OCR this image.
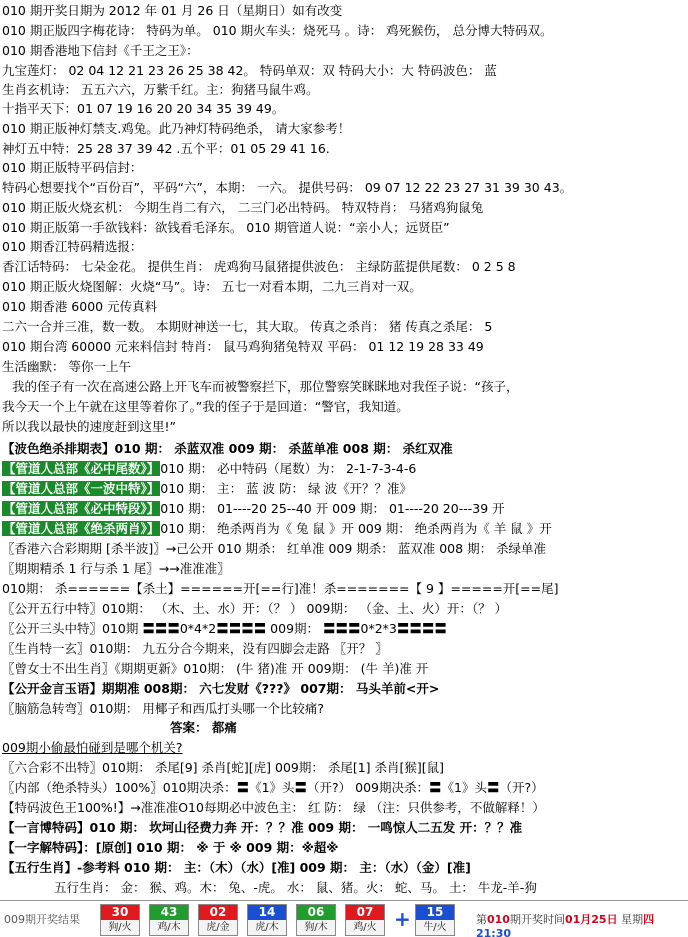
010 期开奖日期为 2012 年 01 月 26 日（星期日）如有改变
010 期正版四字梅花诗： 特码为单。 010 期火车头：烧死马 。诗： 鸡死猴伤， 总分博大特码双。
010 期香港地下信封《千王之王》：
九宝莲灯： 02 04 12 21 23 26 25 38 42。 特码单双：双 特码大小：大 特码波色： 蓝
生肖玄机诗： 五五六六，万紫千红。主：狗猪马鼠牛鸡。
十指平天下：01 07 19 16 20 20 34 35 39 49。
010 期正版神灯禁支.鸡兔。此乃神灯特码绝杀， 请大家参考！
神灯五中特：25 28 37 39 42 .五个平：01 05 29 41 16.
010 期正版特平码信封：
特码心想要找个“百份百”，平码“六”，本期： 一六。 提供号码： 09 07 12 22 23 27 31 39 30 43。
010 期正版火烧玄机： 今期生肖二有六， 二三门必出特码。 特双特肖： 马猪鸡狗鼠兔
010 期正版第一手欲钱料：欲钱看毛泽东。 010 期管道人说：“亲小人；远贤臣”
010 期香江特码精选报：
香江话特码： 七朵金花。 提供生肖： 虎鸡狗马鼠猪提供波色： 主绿防蓝提供尾数： 0 2 5 8
010 期正版火烧图解：火烧“马”。诗： 五七一对看本期，二九三肖对一双。
010 期香港 6000 元传真料
二六一合并三准，数一数。 本期财神送一七，其大取。 传真之杀肖： 猪 传真之杀尾： 5
010 期台湾 60000 元来料信封 特肖： 鼠马鸡狗猪兔特双 平码： 01 12 19 28 33 49
生活幽默： 等你一上午
我的侄子有一次在高速公路上开飞车而被警察拦下，那位警察笑眯眯地对我侄子说：“孩子，
我今天一个上午就在这里等着你了。”我的侄子于是回道：“警官，我知道。
所以我以最快的速度赶到这里!”
【波色绝杀排期表】010 期： 杀蓝双准 009 期： 杀蓝单准 008 期： 杀红双准
【管道人总部《必中尾数》】010 期： 必中特码（尾数）为： 2-1-7-3-4-6
【管道人总部《一波中特》】010 期： 主： 蓝 波 防： 绿 波《开？？准》
【管道人总部《必中特段》】010 期： 01----20 25--40 开 009 期： 01----20 20---39 开
【管道人总部《绝杀两肖》】010 期： 绝杀两肖为《 兔 鼠 》开 009 期： 绝杀两肖为《 羊 鼠 》开
〖香港六合彩期期 [杀半波]〗→己公开 010 期杀： 红单准 009 期杀： 蓝双准 008 期： 杀绿单准
〖期期精杀 1 行与杀 1 尾〗→→准准准〗
010期： 杀======【杀土】======开[==行]准！杀=======【 9 】=====开[==尾]
〖公开五行中特〗010期： （木、土、水）开：（？ ） 009期： （金、土、火）开：（？ ）
〖公开三头中特〗010期 〓〓〓0*4*2〓〓〓〓 009期： 〓〓〓0*2*3〓〓〓〓
〖生肖特一玄〗010期： 九五分合今期来，没有四脚会走路 〖开？ 〗
〖曾女士不出生肖〗《期期更新》010期： (牛 猪)准 开 009期： (牛 羊)准 开
【公开金言玉语】期期准 008期： 六七发财《???》 007期： 马头羊前<开>
〖脑筋急转弯〗010期： 用椰子和西瓜打头哪一个比较痛?
答案： 都痛
009期小偷最怕碰到是哪个机关?
〖六合彩不出特〗010期： 杀尾[9] 杀肖[蛇][虎] 009期： 杀尾[1] 杀肖[猴][鼠]
〖内部（绝杀特头）100%〗010期决杀：〓《1》头〓（开?） 009期决杀：〓《1》头〓（开?）
【特码波色王100%!】→准准准O10每期必中波色主： 红 防： 绿 （注：只供参考，不做解释！）
【一言博特码】010 期： 坎坷山径费力奔 开：？？准 009 期： 一鸣惊人二五发 开：？？准
【一字解特码】：[原创] 010 期： ※ 于 ※ 009 期：※超※
【五行生肖】-参考料 010 期： 主：（木）（水）[准] 009 期： 主：（水）（金）[准]
五行生肖： 金： 猴、鸡。木： 兔、-虎。 水： 鼠、猪。火： 蛇、马。 土： 牛龙-羊-狗
009期开奖结果
30
狗/火
43
鸡/木
02
虎/金
14
虎/木
06
狗/木
07
鸡/火 +	15
牛/火
第010期开奖时间01月25日 星期四21:30
